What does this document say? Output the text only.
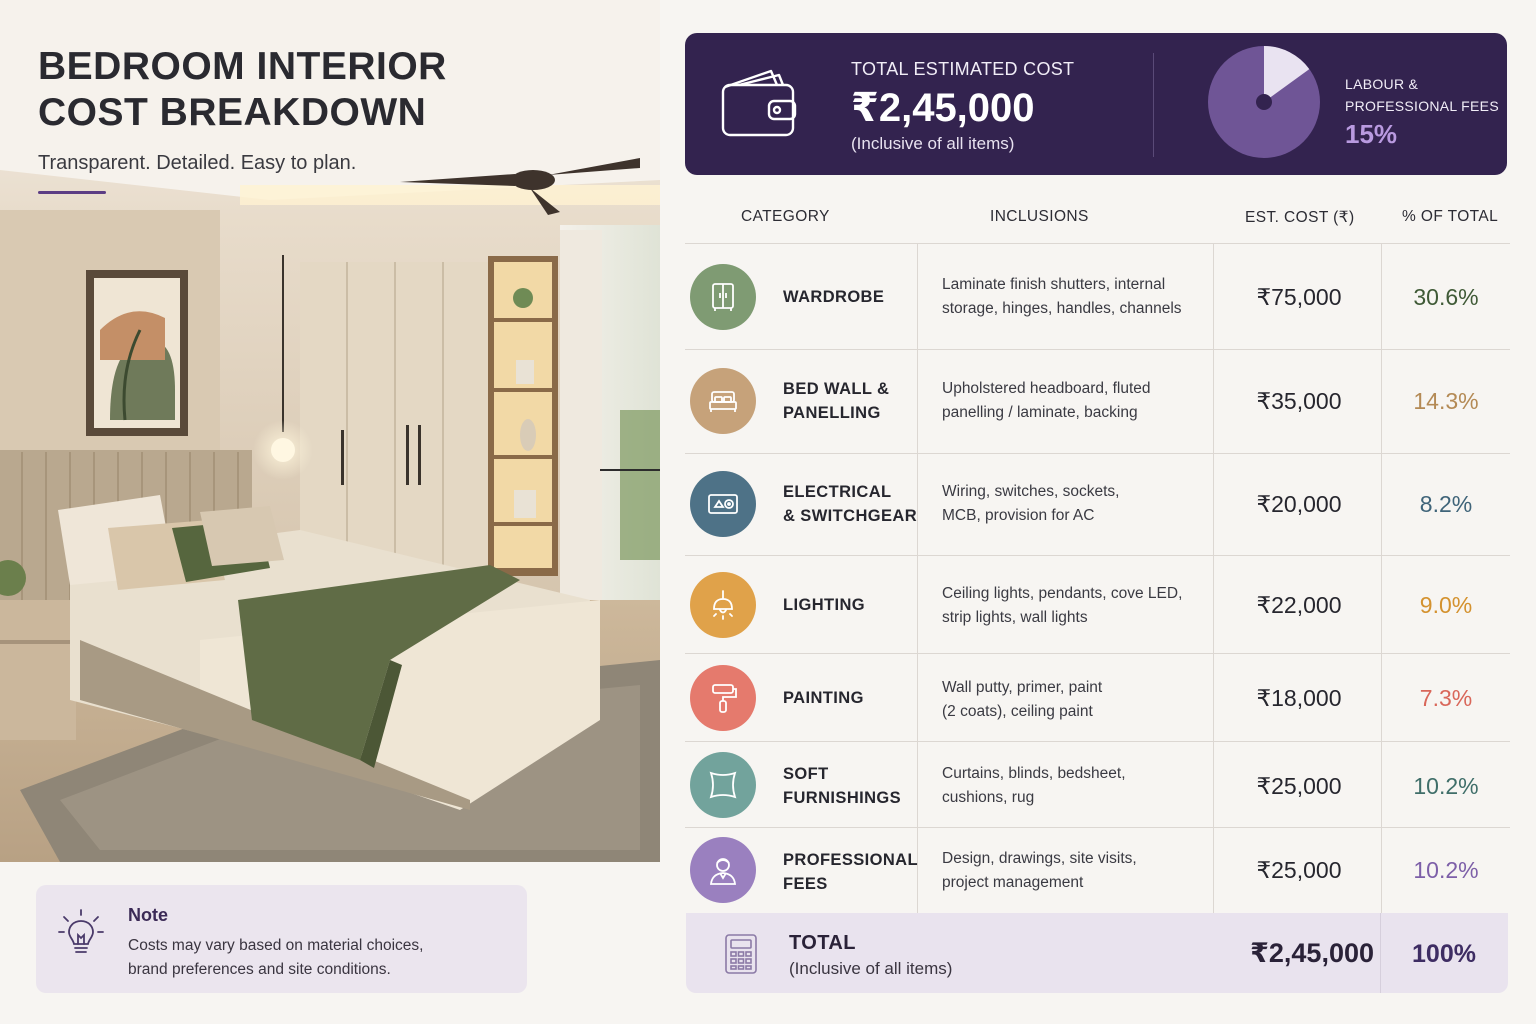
BEDROOM INTERIOR
COST BREAKDOWN
Transparent. Detailed. Easy to plan.
Note
Costs may vary based on material choices,
brand preferences and site conditions.
TOTAL ESTIMATED COST
₹2,45,000
(Inclusive of all items)
LABOUR &
PROFESSIONAL FEES
15%
CATEGORY	INCLUSIONS	EST. COST (₹)	% OF TOTAL
WARDROBE
Laminate finish shutters, internal
storage, hinges, handles, channels	₹75,000	30.6%
BED WALL &
PANELLING
Upholstered headboard, fluted
panelling / laminate, backing	₹35,000	14.3%
ELECTRICAL
& SWITCHGEAR
Wiring, switches, sockets,
MCB, provision for AC	₹20,000	8.2%
LIGHTING
Ceiling lights, pendants, cove LED,
strip lights, wall lights	₹22,000	9.0%
PAINTING
Wall putty, primer, paint
(2 coats), ceiling paint
₹18,000	7.3%
SOFT
FURNISHINGS
Curtains, blinds, bedsheet,
cushions, rug	₹25,000	10.2%
PROFESSIONAL
FEES
Design, drawings, site visits,
project management	₹25,000	10.2%
TOTAL
(Inclusive of all items)
₹2,45,000	100%
